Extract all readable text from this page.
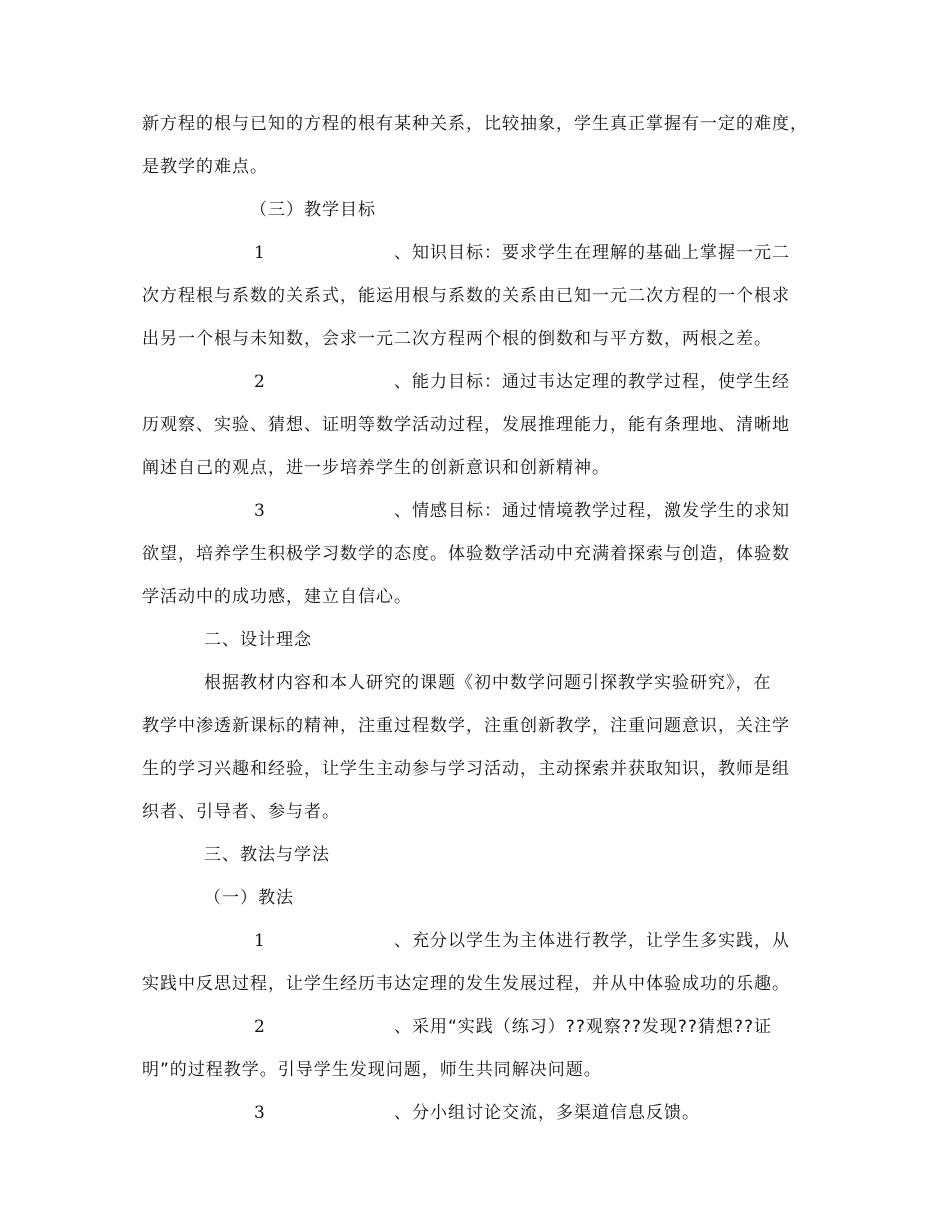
新方程的根与已知的方程的根有某种关系，比较抽象，学生真正掌握有一定的难度，
是教学的难点。
（三）教学目标
1	、知识目标：要求学生在理解的基础上掌握一元二
次方程根与系数的关系式，能运用根与系数的关系由已知一元二次方程的一个根求
出另一个根与未知数，会求一元二次方程两个根的倒数和与平方数，两根之差。
2	、能力目标：通过韦达定理的教学过程，使学生经
历观察、实验、猜想、证明等数学活动过程，发展推理能力，能有条理地、清晰地
阐述自己的观点，进一步培养学生的创新意识和创新精神。
3	、情感目标：通过情境教学过程，激发学生的求知
欲望，培养学生积极学习数学的态度。体验数学活动中充满着探索与创造，体验数
学活动中的成功感，建立自信心。
二、设计理念
根据教材内容和本人研究的课题《初中数学问题引探教学实验研究》，在
教学中渗透新课标的精神，注重过程数学，注重创新教学，注重问题意识，关注学
生的学习兴趣和经验，让学生主动参与学习活动，主动探索并获取知识，教师是组
织者、引导者、参与者。
三、教法与学法
（一）教法
1	、充分以学生为主体进行教学，让学生多实践，从
实践中反思过程，让学生经历韦达定理的发生发展过程，并从中体验成功的乐趣。
2	、采用“实践（练习）??观察??发现??猜想??证
明”的过程教学。引导学生发现问题，师生共同解决问题。
3	、分小组讨论交流，多渠道信息反馈。
